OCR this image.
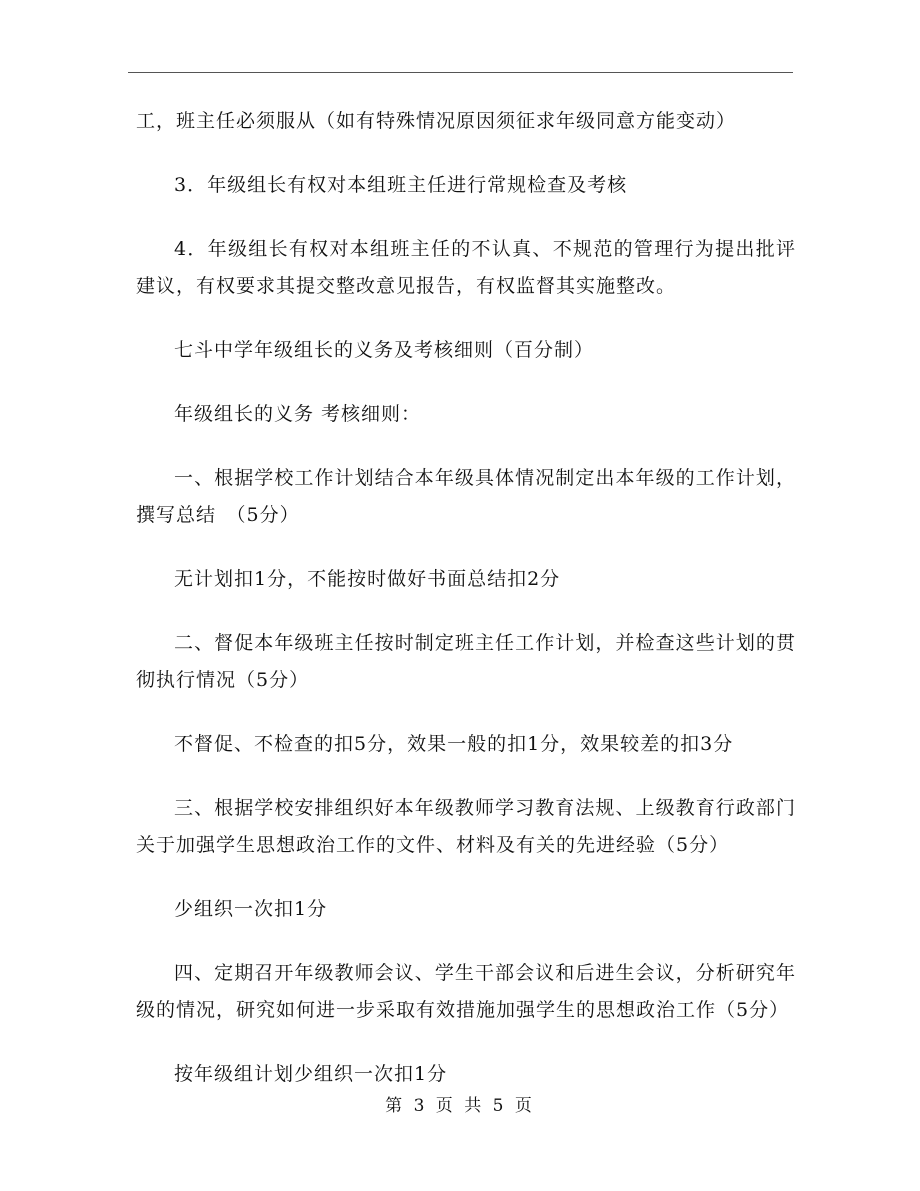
工，班主任必须服从（如有特殊情况原因须征求年级同意方能变动）

3．年级组长有权对本组班主任进行常规检查及考核

4．年级组长有权对本组班主任的不认真、不规范的管理行为提出批评建议，有权要求其提交整改意见报告，有权监督其实施整改。

七斗中学年级组长的义务及考核细则（百分制）

年级组长的义务 考核细则：

一、根据学校工作计划结合本年级具体情况制定出本年级的工作计划，撰写总结　（5分）

无计划扣1分，不能按时做好书面总结扣2分

二、督促本年级班主任按时制定班主任工作计划，并检查这些计划的贯彻执行情况（5分）

不督促、不检查的扣5分，效果一般的扣1分，效果较差的扣3分

三、根据学校安排组织好本年级教师学习教育法规、上级教育行政部门关于加强学生思想政治工作的文件、材料及有关的先进经验（5分）

少组织一次扣1分

四、定期召开年级教师会议、学生干部会议和后进生会议，分析研究年级的情况，研究如何进一步采取有效措施加强学生的思想政治工作（5分）

按年级组计划少组织一次扣1分

第 3 页 共 5 页
